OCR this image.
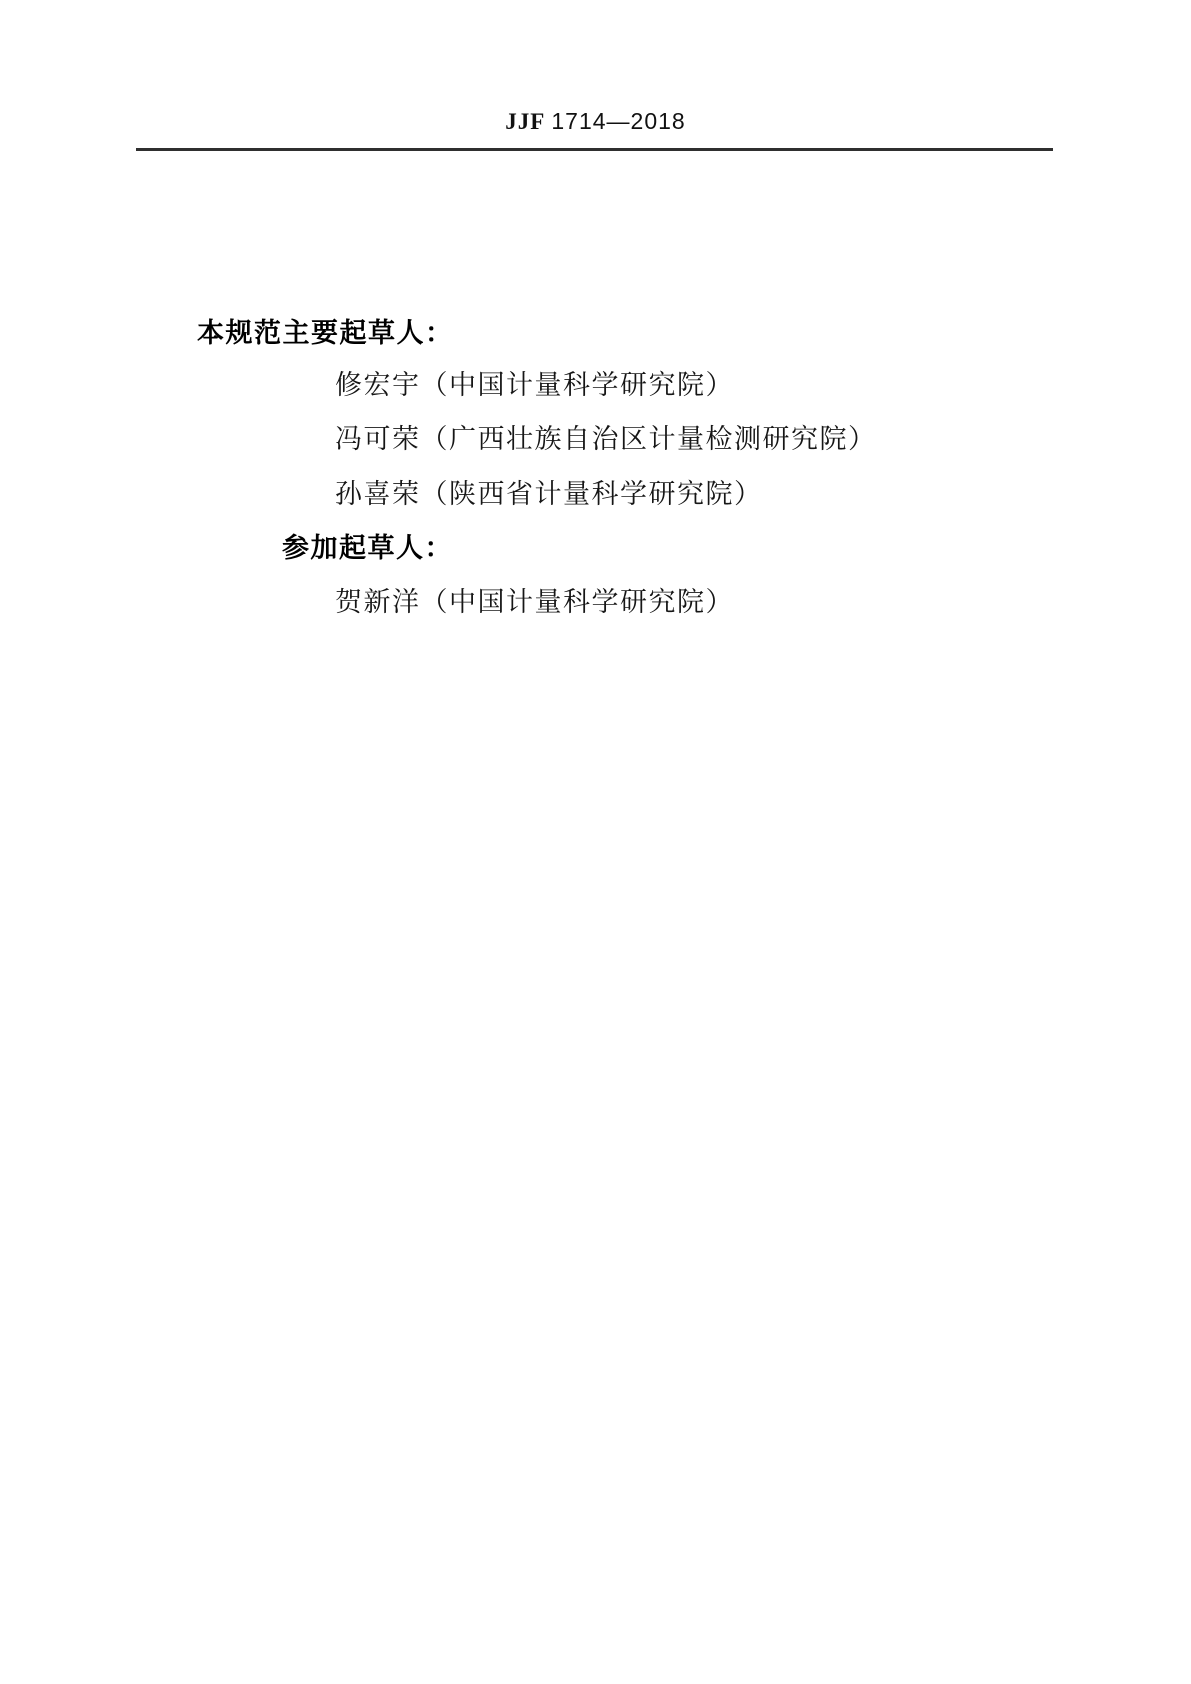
JJF 1714—2018
本规范主要起草人：
修宏宇（中国计量科学研究院）
冯可荣（广西壮族自治区计量检测研究院）
孙喜荣（陕西省计量科学研究院）
参加起草人：
贺新洋（中国计量科学研究院）
